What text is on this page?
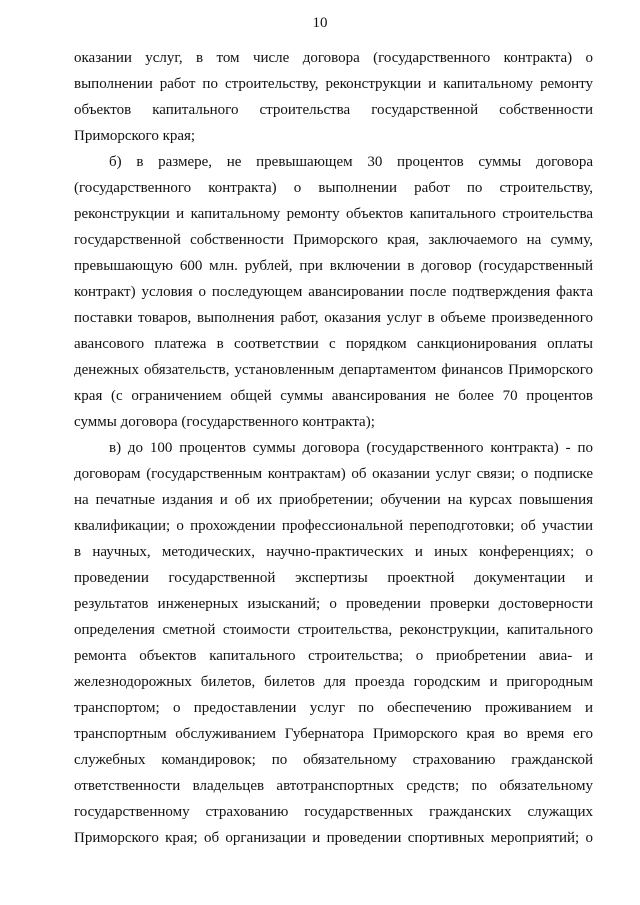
10
оказании услуг, в том числе договора (государственного контракта) о
выполнении работ по строительству, реконструкции и капитальному ремонту
объектов капитального строительства государственной собственности
Приморского края;
б) в размере, не превышающем 30 процентов суммы договора
(государственного контракта) о выполнении работ по строительству,
реконструкции и капитальному ремонту объектов капитального строительства
государственной собственности Приморского края, заключаемого на сумму,
превышающую 600 млн. рублей, при включении в договор (государственный
контракт) условия о последующем авансировании после подтверждения факта
поставки товаров, выполнения работ, оказания услуг в объеме произведенного
авансового платежа в соответствии с порядком санкционирования оплаты
денежных обязательств, установленным департаментом финансов Приморского
края (с ограничением общей суммы авансирования не более 70 процентов
суммы договора (государственного контракта);
в) до 100 процентов суммы договора (государственного контракта) - по
договорам (государственным контрактам) об оказании услуг связи; о подписке
на печатные издания и об их приобретении; обучении на курсах повышения
квалификации; о прохождении профессиональной переподготовки; об участии
в научных, методических, научно-практических и иных конференциях; о
проведении государственной экспертизы проектной документации и
результатов инженерных изысканий; о проведении проверки достоверности
определения сметной стоимости строительства, реконструкции, капитального
ремонта объектов капитального строительства; о приобретении авиа- и
железнодорожных билетов, билетов для проезда городским и пригородным
транспортом; о предоставлении услуг по обеспечению проживанием и
транспортным обслуживанием Губернатора Приморского края во время его
служебных командировок; по обязательному страхованию гражданской
ответственности владельцев автотранспортных средств; по обязательному
государственному страхованию государственных гражданских служащих
Приморского края; об организации и проведении спортивных мероприятий; о
